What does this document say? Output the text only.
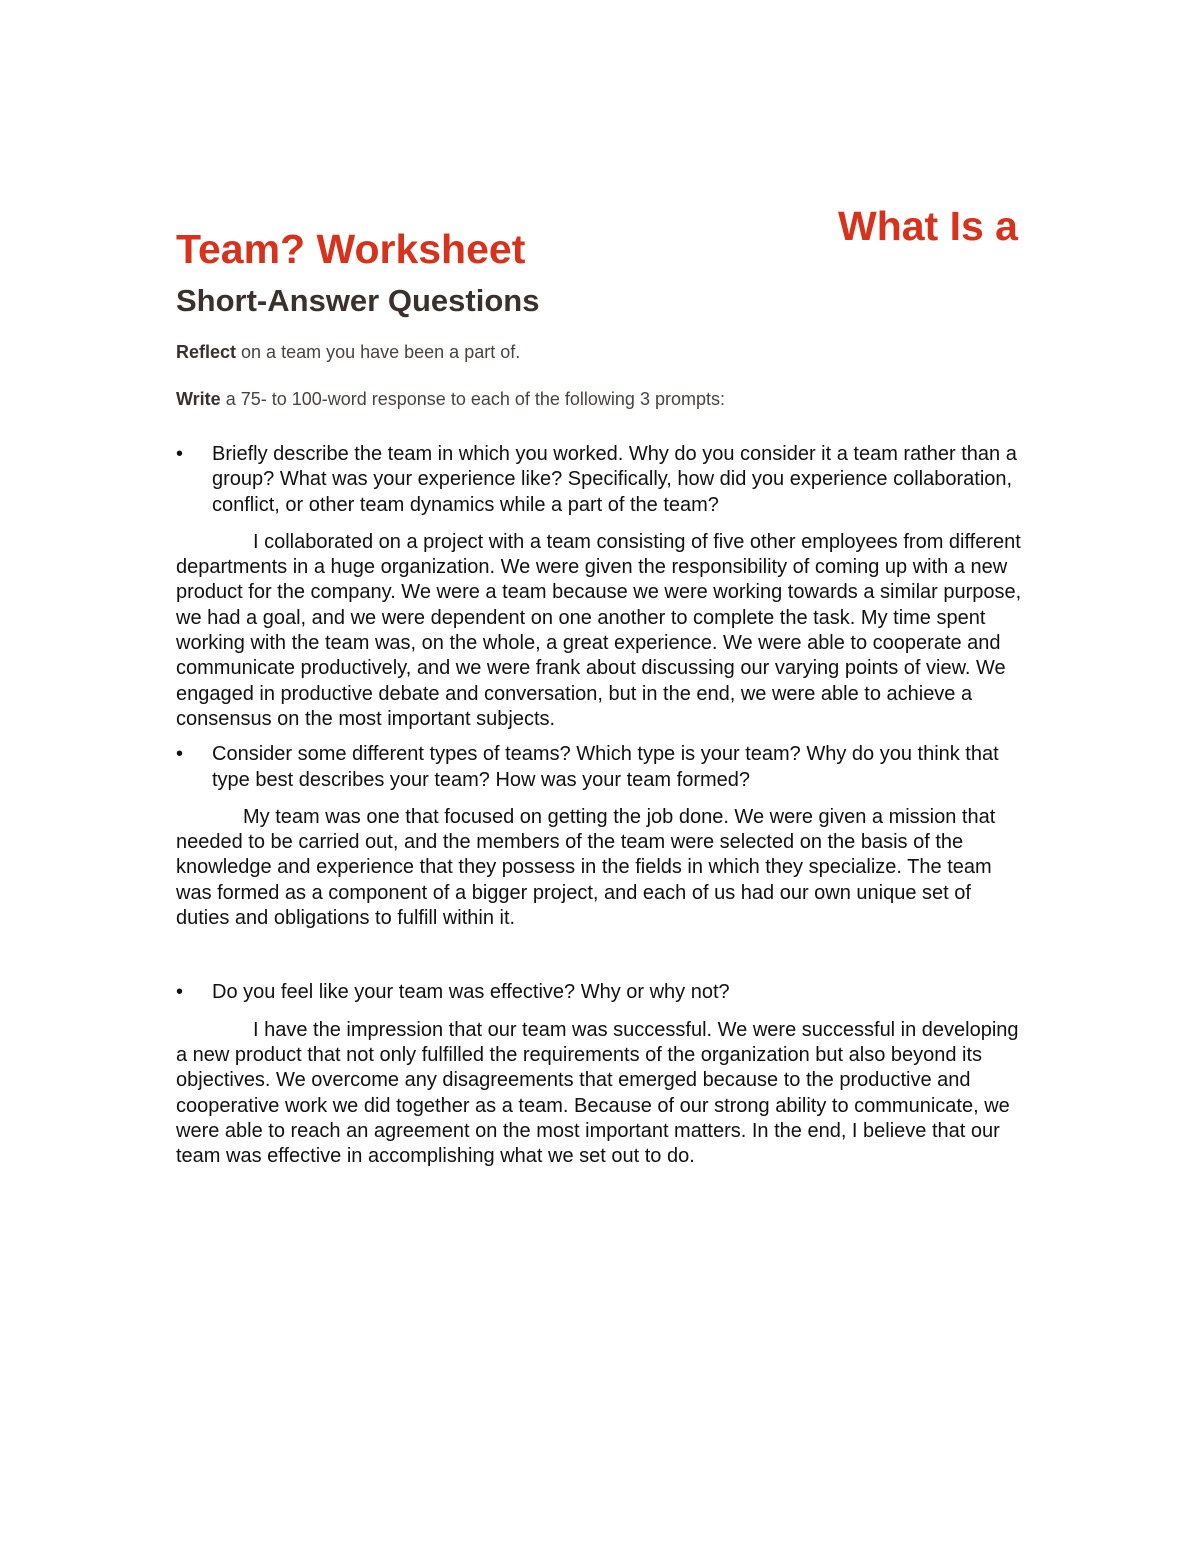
What Is a
Team? Worksheet
Short-Answer Questions
Reflect on a team you have been a part of.
Write a 75- to 100-word response to each of the following 3 prompts:
•	Briefly describe the team in which you worked. Why do you consider it a team rather than a group? What was your experience like? Specifically, how did you experience collaboration, conflict, or other team dynamics while a part of the team?

I collaborated on a project with a team consisting of five other employees from different departments in a huge organization. We were given the responsibility of coming up with a new product for the company. We were a team because we were working towards a similar purpose, we had a goal, and we were dependent on one another to complete the task. My time spent working with the team was, on the whole, a great experience. We were able to cooperate and communicate productively, and we were frank about discussing our varying points of view. We engaged in productive debate and conversation, but in the end, we were able to achieve a consensus on the most important subjects.

•	Consider some different types of teams? Which type is your team? Why do you think that type best describes your team? How was your team formed?

My team was one that focused on getting the job done. We were given a mission that needed to be carried out, and the members of the team were selected on the basis of the knowledge and experience that they possess in the fields in which they specialize. The team was formed as a component of a bigger project, and each of us had our own unique set of duties and obligations to fulfill within it.

•	Do you feel like your team was effective? Why or why not?

I have the impression that our team was successful. We were successful in developing a new product that not only fulfilled the requirements of the organization but also beyond its objectives. We overcome any disagreements that emerged because to the productive and cooperative work we did together as a team. Because of our strong ability to communicate, we were able to reach an agreement on the most important matters. In the end, I believe that our team was effective in accomplishing what we set out to do.
